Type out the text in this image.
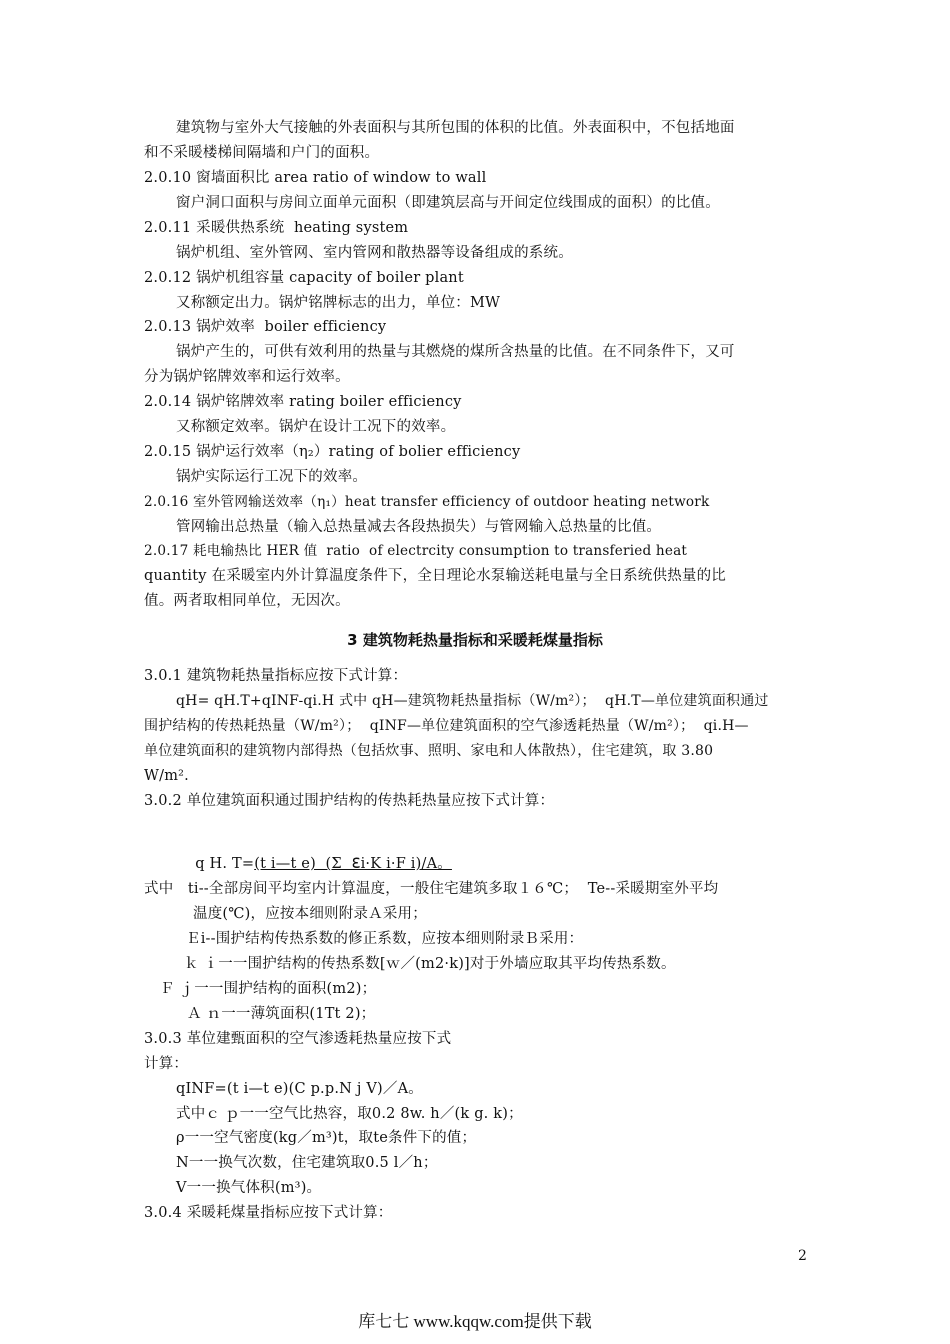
建筑物与室外大气接触的外表面积与其所包围的体积的比值。外表面积中，不包括地面
和不采暖楼梯间隔墙和户门的面积。
2.0.10 窗墙面积比 area ratio of window to wall
窗户洞口面积与房间立面单元面积（即建筑层高与开间定位线围成的面积）的比值。
2.0.11 采暖供热系统  heating system
锅炉机组、室外管网、室内管网和散热器等设备组成的系统。
2.0.12 锅炉机组容量 capacity of boiler plant
又称额定出力。锅炉铭牌标志的出力，单位：MW
2.0.13 锅炉效率  boiler efficiency
锅炉产生的，可供有效利用的热量与其燃烧的煤所含热量的比值。在不同条件下，又可
分为锅炉铭牌效率和运行效率。
2.0.14 锅炉铭牌效率 rating boiler efficiency
又称额定效率。锅炉在设计工况下的效率。
2.0.15 锅炉运行效率（η₂）rating of bolier efficiency
锅炉实际运行工况下的效率。
2.0.16 室外管网输送效率（η₁）heat transfer efficiency of outdoor heating network
管网输出总热量（输入总热量减去各段热损失）与管网输入总热量的比值。
2.0.17 耗电输热比 HER 值  ratio  of electrcity consumption to transferied heat
quantity 在采暖室内外计算温度条件下，全日理论水泵输送耗电量与全日系统供热量的比
值。两者取相同单位，无因次。
3 建筑物耗热量指标和采暖耗煤量指标
3.0.1 建筑物耗热量指标应按下式计算：
qH= qH.T+qINF-qi.H 式中 qH—建筑物耗热量指标（W/m²）；  qH.T—单位建筑面积通过
围护结构的传热耗热量（W/m²）；  qINF—单位建筑面积的空气渗透耗热量（W/m²）；  qi.H—
单位建筑面积的建筑物内部得热（包括炊事、照明、家电和人体散热），住宅建筑，取 3.80
W/m².
3.0.2 单位建筑面积通过围护结构的传热耗热量应按下式计算：

q H. T=(t i—t e)  (Σ  ℇi·K i·F i)/A。

式中   ti--全部房间平均室内计算温度，一般住宅建筑多取１６℃；  Te--采暖期室外平均
温度(℃)，应按本细则附录Ａ采用；
Ｅi--围护结构传热系数的修正系数，应按本细则附录Ｂ采用：
ｋ ｉ一一围护结构的传热系数[ｗ／(m2·k)]对于外墙应取其平均传热系数。
Ｆ ｊ一一围护结构的面积(m2)；
Ａ ｎ一一薄筑面积(1Tt 2)；
3.0.3 革位建甄面积的空气渗透耗热量应按下式
计算：
qINF=(t i—t e)(C p.p.N j V)／A。
式中ｃ ｐ一一空气比热容，取0.2 8w. h／(k g. k)；
ρ一一空气密度(kg／m³)t，取te条件下的值；
N一一换气次数，住宅建筑取0.5 l／h；
V一一换气体积(m³)。
3.0.4 采暖耗煤量指标应按下式计算：
2
库七七 www.kqqw.com提供下载
